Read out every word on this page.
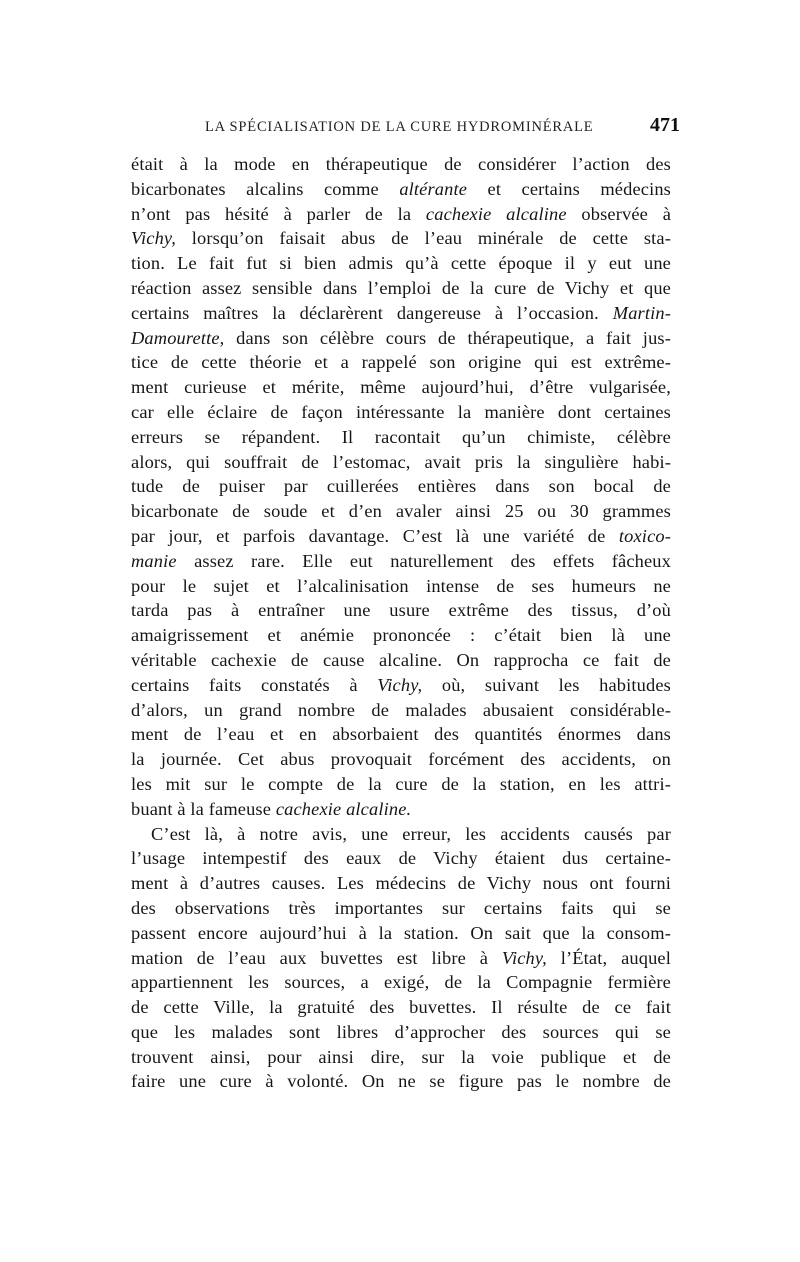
LA SPÉCIALISATION DE LA CURE HYDROMINÉRALE	471
était à la mode en thérapeutique de considérer l’action des
bicarbonates alcalins comme altérante et certains médecins
n’ont pas hésité à parler de la cachexie alcaline observée à
Vichy, lorsqu’on faisait abus de l’eau minérale de cette sta-
tion. Le fait fut si bien admis qu’à cette époque il y eut une
réaction assez sensible dans l’emploi de la cure de Vichy et que
certains maîtres la déclarèrent dangereuse à l’occasion. Martin-
Damourette, dans son célèbre cours de thérapeutique, a fait jus-
tice de cette théorie et a rappelé son origine qui est extrême-
ment curieuse et mérite, même aujourd’hui, d’être vulgarisée,
car elle éclaire de façon intéressante la manière dont certaines
erreurs se répandent. Il racontait qu’un chimiste, célèbre
alors, qui souffrait de l’estomac, avait pris la singulière habi-
tude de puiser par cuillerées entières dans son bocal de
bicarbonate de soude et d’en avaler ainsi 25 ou 30 grammes
par jour, et parfois davantage. C’est là une variété de toxico-
manie assez rare. Elle eut naturellement des effets fâcheux
pour le sujet et l’alcalinisation intense de ses humeurs ne
tarda pas à entraîner une usure extrême des tissus, d’où
amaigrissement et anémie prononcée : c’était bien là une
véritable cachexie de cause alcaline. On rapprocha ce fait de
certains faits constatés à Vichy, où, suivant les habitudes
d’alors, un grand nombre de malades abusaient considérable-
ment de l’eau et en absorbaient des quantités énormes dans
la journée. Cet abus provoquait forcément des accidents, on
les mit sur le compte de la cure de la station, en les attri-
buant à la fameuse cachexie alcaline.
C’est là, à notre avis, une erreur, les accidents causés par
l’usage intempestif des eaux de Vichy étaient dus certaine-
ment à d’autres causes. Les médecins de Vichy nous ont fourni
des observations très importantes sur certains faits qui se
passent encore aujourd’hui à la station. On sait que la consom-
mation de l’eau aux buvettes est libre à Vichy, l’État, auquel
appartiennent les sources, a exigé, de la Compagnie fermière
de cette Ville, la gratuité des buvettes. Il résulte de ce fait
que les malades sont libres d’approcher des sources qui se
trouvent ainsi, pour ainsi dire, sur la voie publique et de
faire une cure à volonté. On ne se figure pas le nombre de
